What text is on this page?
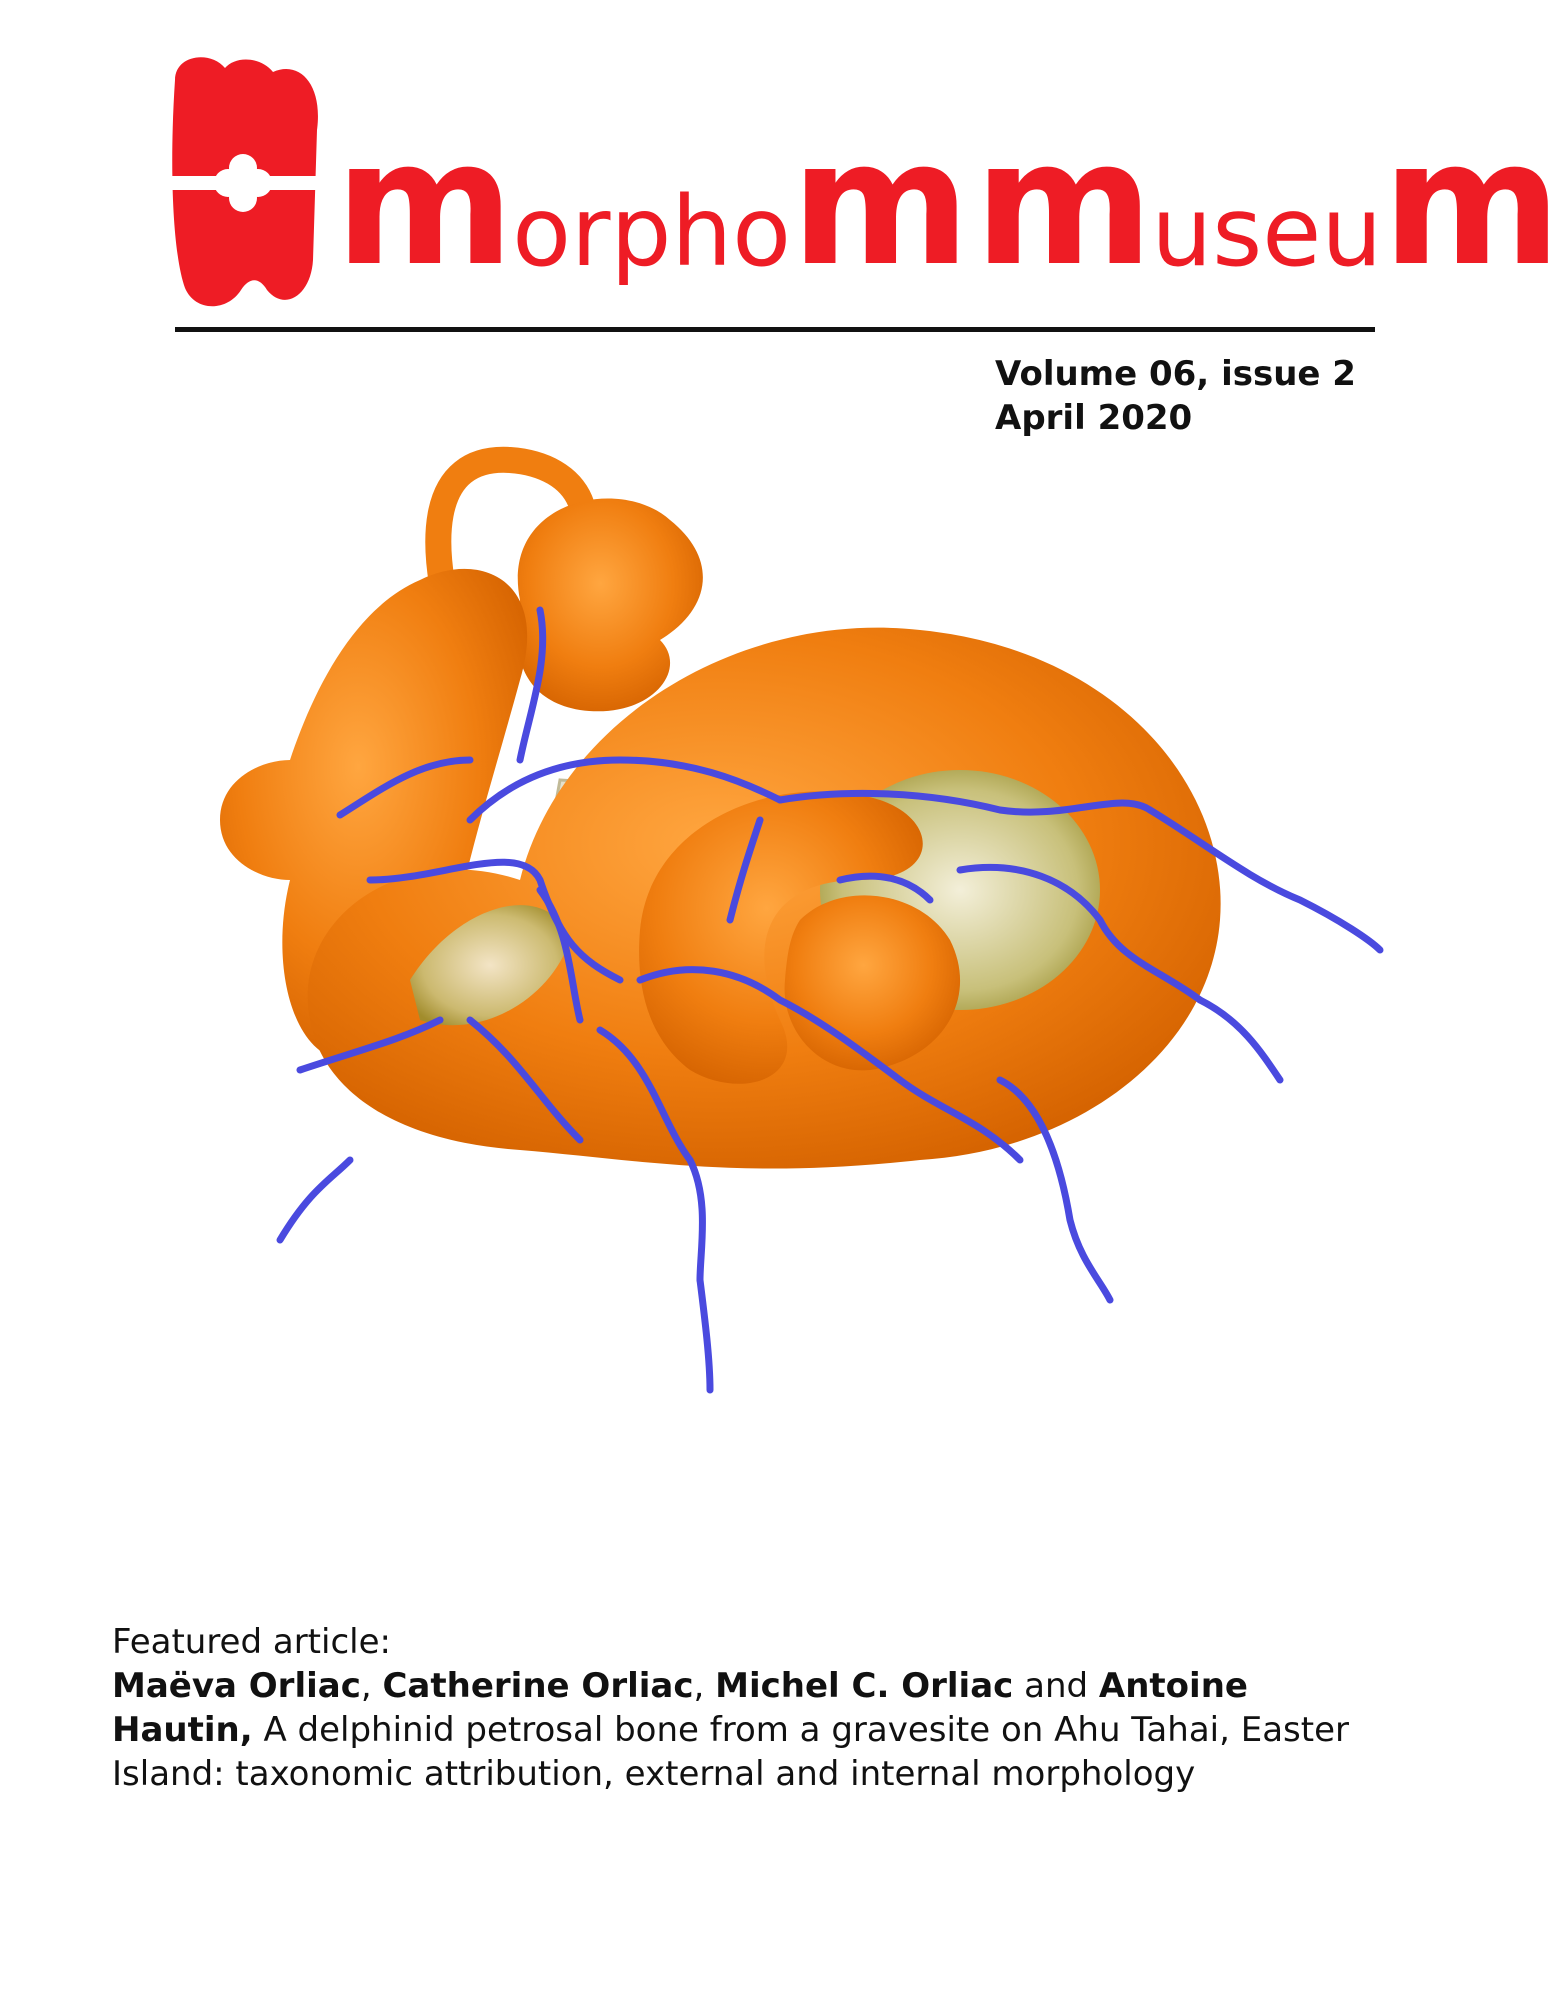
m orpho m m useu m
Volume 06, issue 2
April 2020
Featured article:
Maëva Orliac, Catherine Orliac, Michel C. Orliac and Antoine Hautin, A delphinid petrosal bone from a gravesite on Ahu Tahai, Easter Island: taxonomic attribution, external and internal morphology
